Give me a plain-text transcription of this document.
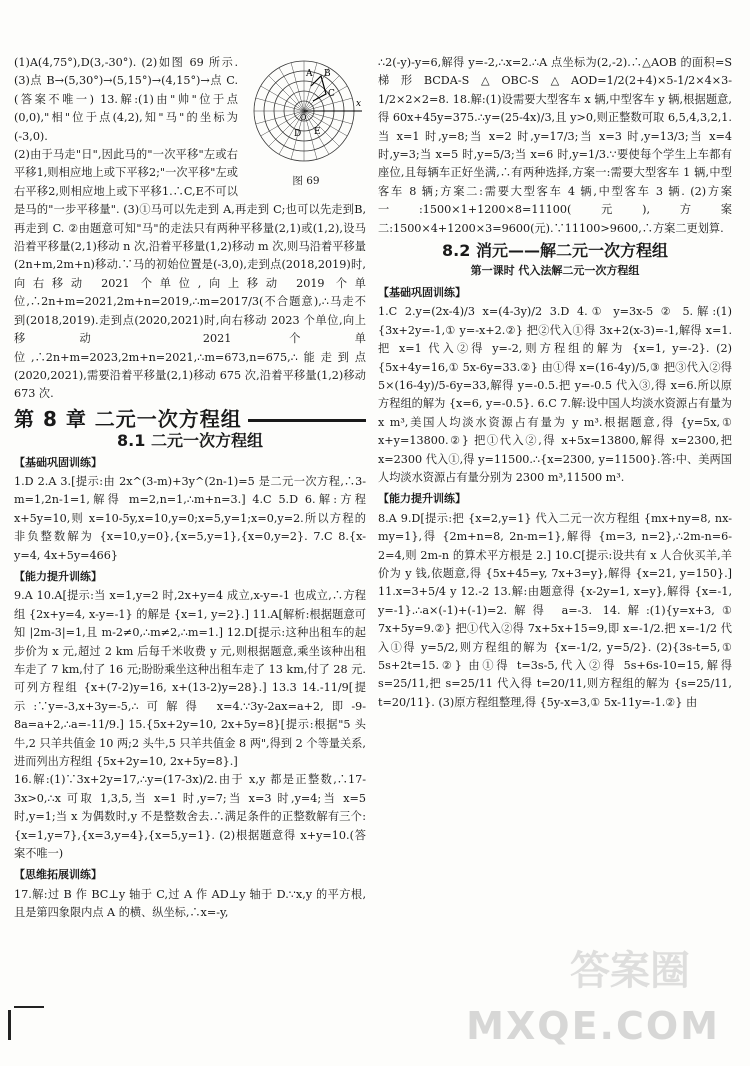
A B
C
D E
O
x
图 69

(1)A(4,75°),D(3,-30°). (2)如图 69 所示. (3)点 B→(5,30°)→(5,15°)→(4,15°)→点 C.(答案不唯一) 13.解:(1)由"帅"位于点(0,0),"相"位于点(4,2),知"马"的坐标为(-3,0).

(2)由于马走"日",因此马的"一次平移"左或右平移1,则相应地上或下平移2;"一次平移"左或右平移2,则相应地上或下平移1.∴C,E不可以是马的"一步平移量". (3)①马可以先走到 A,再走到 C;也可以先走到B,再走到 C. ②由题意可知"马"的走法只有两种平移量(2,1)或(1,2),设马沿着平移量(2,1)移动 n 次,沿着平移量(1,2)移动 m 次,则马沿着平移量(2n+m,2m+n)移动.∵马的初始位置是(-3,0),走到点(2018,2019)时,向右移动 2021 个单位,向上移动 2019 个单位,∴2n+m=2021,2m+n=2019,∴m=2017/3(不合题意),∴马走不到(2018,2019).走到点(2020,2021)时,向右移动 2023 个单位,向上移动 2021 个单位,∴2n+m=2023,2m+n=2021,∴m=673,n=675,∴能走到点(2020,2021),需要沿着平移量(2,1)移动 675 次,沿着平移量(1,2)移动 673 次.

第 8 章 二元一次方程组
8.1 二元一次方程组
【基础巩固训练】

1.D 2.A 3.[提示:由 2x^(3-m)+3y^(2n-1)=5 是二元一次方程,∴3-m=1,2n-1=1,解得 m=2,n=1,∴m+n=3.] 4.C 5.D 6.解:方程 x+5y=10,则 x=10-5y,x=10,y=0;x=5,y=1;x=0,y=2.所以方程的非负整数解为 {x=10,y=0},{x=5,y=1},{x=0,y=2}. 7.C 8.{x-y=4, 4x+5y=466}

【能力提升训练】

9.A 10.A[提示:当 x=1,y=2 时,2x+y=4 成立,x-y=-1 也成立,∴方程组 {2x+y=4, x-y=-1} 的解是 {x=1, y=2}.] 11.A[解析:根据题意可知 |2m-3|=1,且 m-2≠0,∴m≠2,∴m=1.] 12.D[提示:这种出租车的起步价为 x 元,超过 2 km 后每千米收费 y 元,则根据题意,乘坐该种出租车走了 7 km,付了 16 元;盼盼乘坐这种出租车走了 13 km,付了 28 元.可列方程组 {x+(7-2)y=16, x+(13-2)y=28}.] 13.3 14.-11/9[提示:∵y=-3,x+3y=-5,∴可解得 x=4.∵3y-2ax=a+2,即-9-8a=a+2,∴a=-11/9.] 15.{5x+2y=10, 2x+5y=8}[提示:根据"5 头牛,2 只羊共值金 10 两;2 头牛,5 只羊共值金 8 两",得到 2 个等量关系,进而列出方程组 {5x+2y=10, 2x+5y=8}.]

16.解:(1)∵3x+2y=17,∴y=(17-3x)/2.由于 x,y 都是正整数,∴17-3x>0,∴x 可取 1,3,5,当 x=1 时,y=7;当 x=3 时,y=4;当 x=5 时,y=1;当 x 为偶数时,y 不是整数舍去.∴满足条件的正整数解有三个:{x=1,y=7},{x=3,y=4},{x=5,y=1}. (2)根据题意得 x+y=10.(答案不唯一)

【思维拓展训练】

17.解:过 B 作 BC⊥y 轴于 C,过 A 作 AD⊥y 轴于 D.∵x,y 的平方根,且是第四象限内点 A 的横、纵坐标,∴x=-y,

∴2(-y)-y=6,解得 y=-2,∴x=2.∴A 点坐标为(2,-2).∴△AOB 的面积=S梯形BCDA-S△OBC-S△AOD=1/2(2+4)×5-1/2×4×3-1/2×2×2=8. 18.解:(1)设需要大型客车 x 辆,中型客车 y 辆,根据题意,得 60x+45y=375.∴y=(25-4x)/3,且 y>0,则正整数可取 6,5,4,3,2,1.当 x=1 时,y=8;当 x=2 时,y=17/3;当 x=3 时,y=13/3;当 x=4 时,y=3;当 x=5 时,y=5/3;当 x=6 时,y=1/3.∵要使每个学生上车都有座位,且每辆车正好坐满,∴有两种选择,方案一:需要大型客车 1 辆,中型客车 8 辆;方案二:需要大型客车 4 辆,中型客车 3 辆. (2)方案一:1500×1+1200×8=11100(元),方案二:1500×4+1200×3=9600(元).∵11100>9600,∴方案二更划算.

8.2 消元——解二元一次方程组
第一课时 代入法解二元一次方程组
【基础巩固训练】

1.C 2.y=(2x-4)/3 x=(4-3y)/2 3.D 4.① y=3x-5 ② 5.解:(1){3x+2y=-1,① y=-x+2.②} 把②代入①得 3x+2(x-3)=-1,解得 x=1.把 x=1 代入②得 y=-2,则方程组的解为 {x=1, y=-2}. (2){5x+4y=16,① 5x-6y=33.②} 由①得 x=(16-4y)/5,③ 把③代入②得 5×(16-4y)/5-6y=33,解得 y=-0.5.把 y=-0.5 代入③,得 x=6.所以原方程组的解为 {x=6, y=-0.5}. 6.C 7.解:设中国人均淡水资源占有量为 x m³,美国人均淡水资源占有量为 y m³.根据题意,得 {y=5x,① x+y=13800.②} 把①代入②,得 x+5x=13800,解得 x=2300,把 x=2300 代入①,得 y=11500.∴{x=2300, y=11500}.答:中、美两国人均淡水资源占有量分别为 2300 m³,11500 m³.

【能力提升训练】

8.A 9.D[提示:把 {x=2,y=1} 代入二元一次方程组 {mx+ny=8, nx-my=1},得 {2m+n=8, 2n-m=1},解得 {m=3, n=2},∴2m-n=6-2=4,则 2m-n 的算术平方根是 2.] 10.C[提示:设共有 x 人合伙买羊,羊价为 y 钱,依题意,得 {5x+45=y, 7x+3=y},解得 {x=21, y=150}.] 11.x=3+5/4 y 12.-2 13.解:由题意得 {x-2y=1, x=y},解得 {x=-1, y=-1}.∴a×(-1)+(-1)=2.解得 a=-3. 14.解:(1){y=x+3,① 7x+5y=9.②} 把①代入②得 7x+5x+15=9,即 x=-1/2.把 x=-1/2 代入①得 y=5/2,则方程组的解为 {x=-1/2, y=5/2}. (2){3s-t=5,① 5s+2t=15.②} 由①得 t=3s-5,代入②得 5s+6s-10=15,解得 s=25/11,把 s=25/11 代入得 t=20/11,则方程组的解为 {s=25/11, t=20/11}. (3)原方程组整理,得 {5y-x=3,① 5x-11y=-1.②} 由

答案圈
MXQE.COM
